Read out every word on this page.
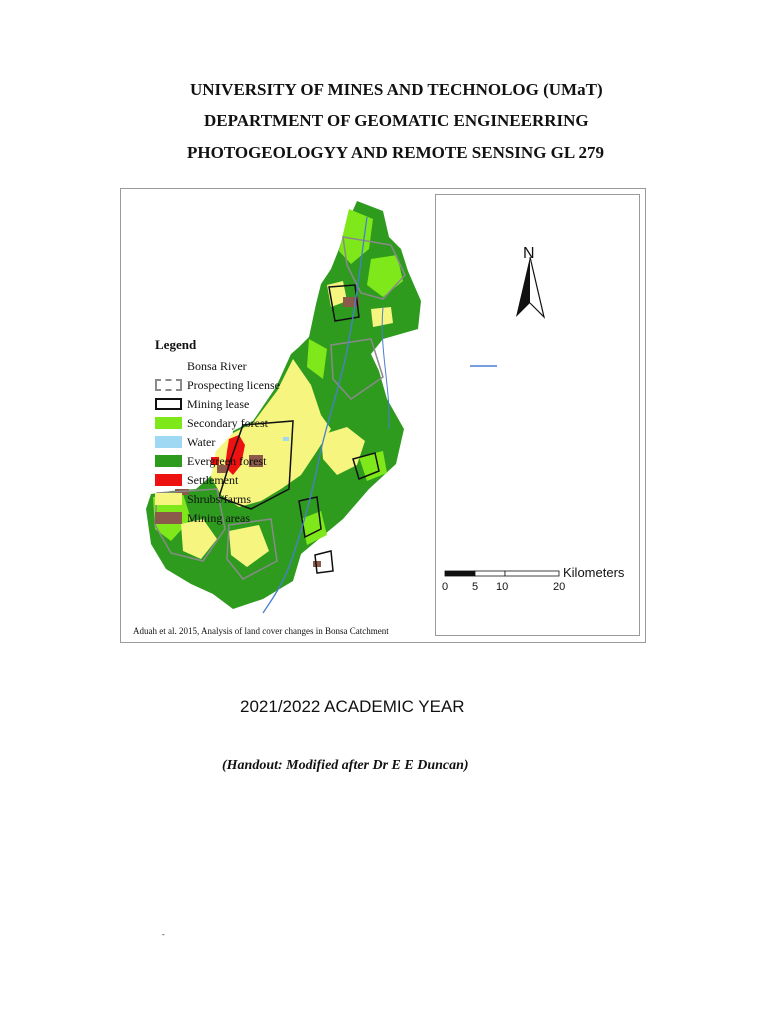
UNIVERSITY OF MINES AND TECHNOLOG (UMaT)
DEPARTMENT OF GEOMATIC ENGINEERRING
PHOTOGEOLOGYY AND REMOTE SENSING GL 279
N
Legend
Bonsa River
Prospecting license
Mining lease
Secondary forest
Water
Evergreen forest
Settlement
Shrubs/farms
Mining areas
Kilometers
0 5 10	20
Aduah et al. 2015, Analysis of land cover changes in Bonsa Catchment
2021/2022 ACADEMIC YEAR
(Handout: Modified after Dr E E Duncan)
-
